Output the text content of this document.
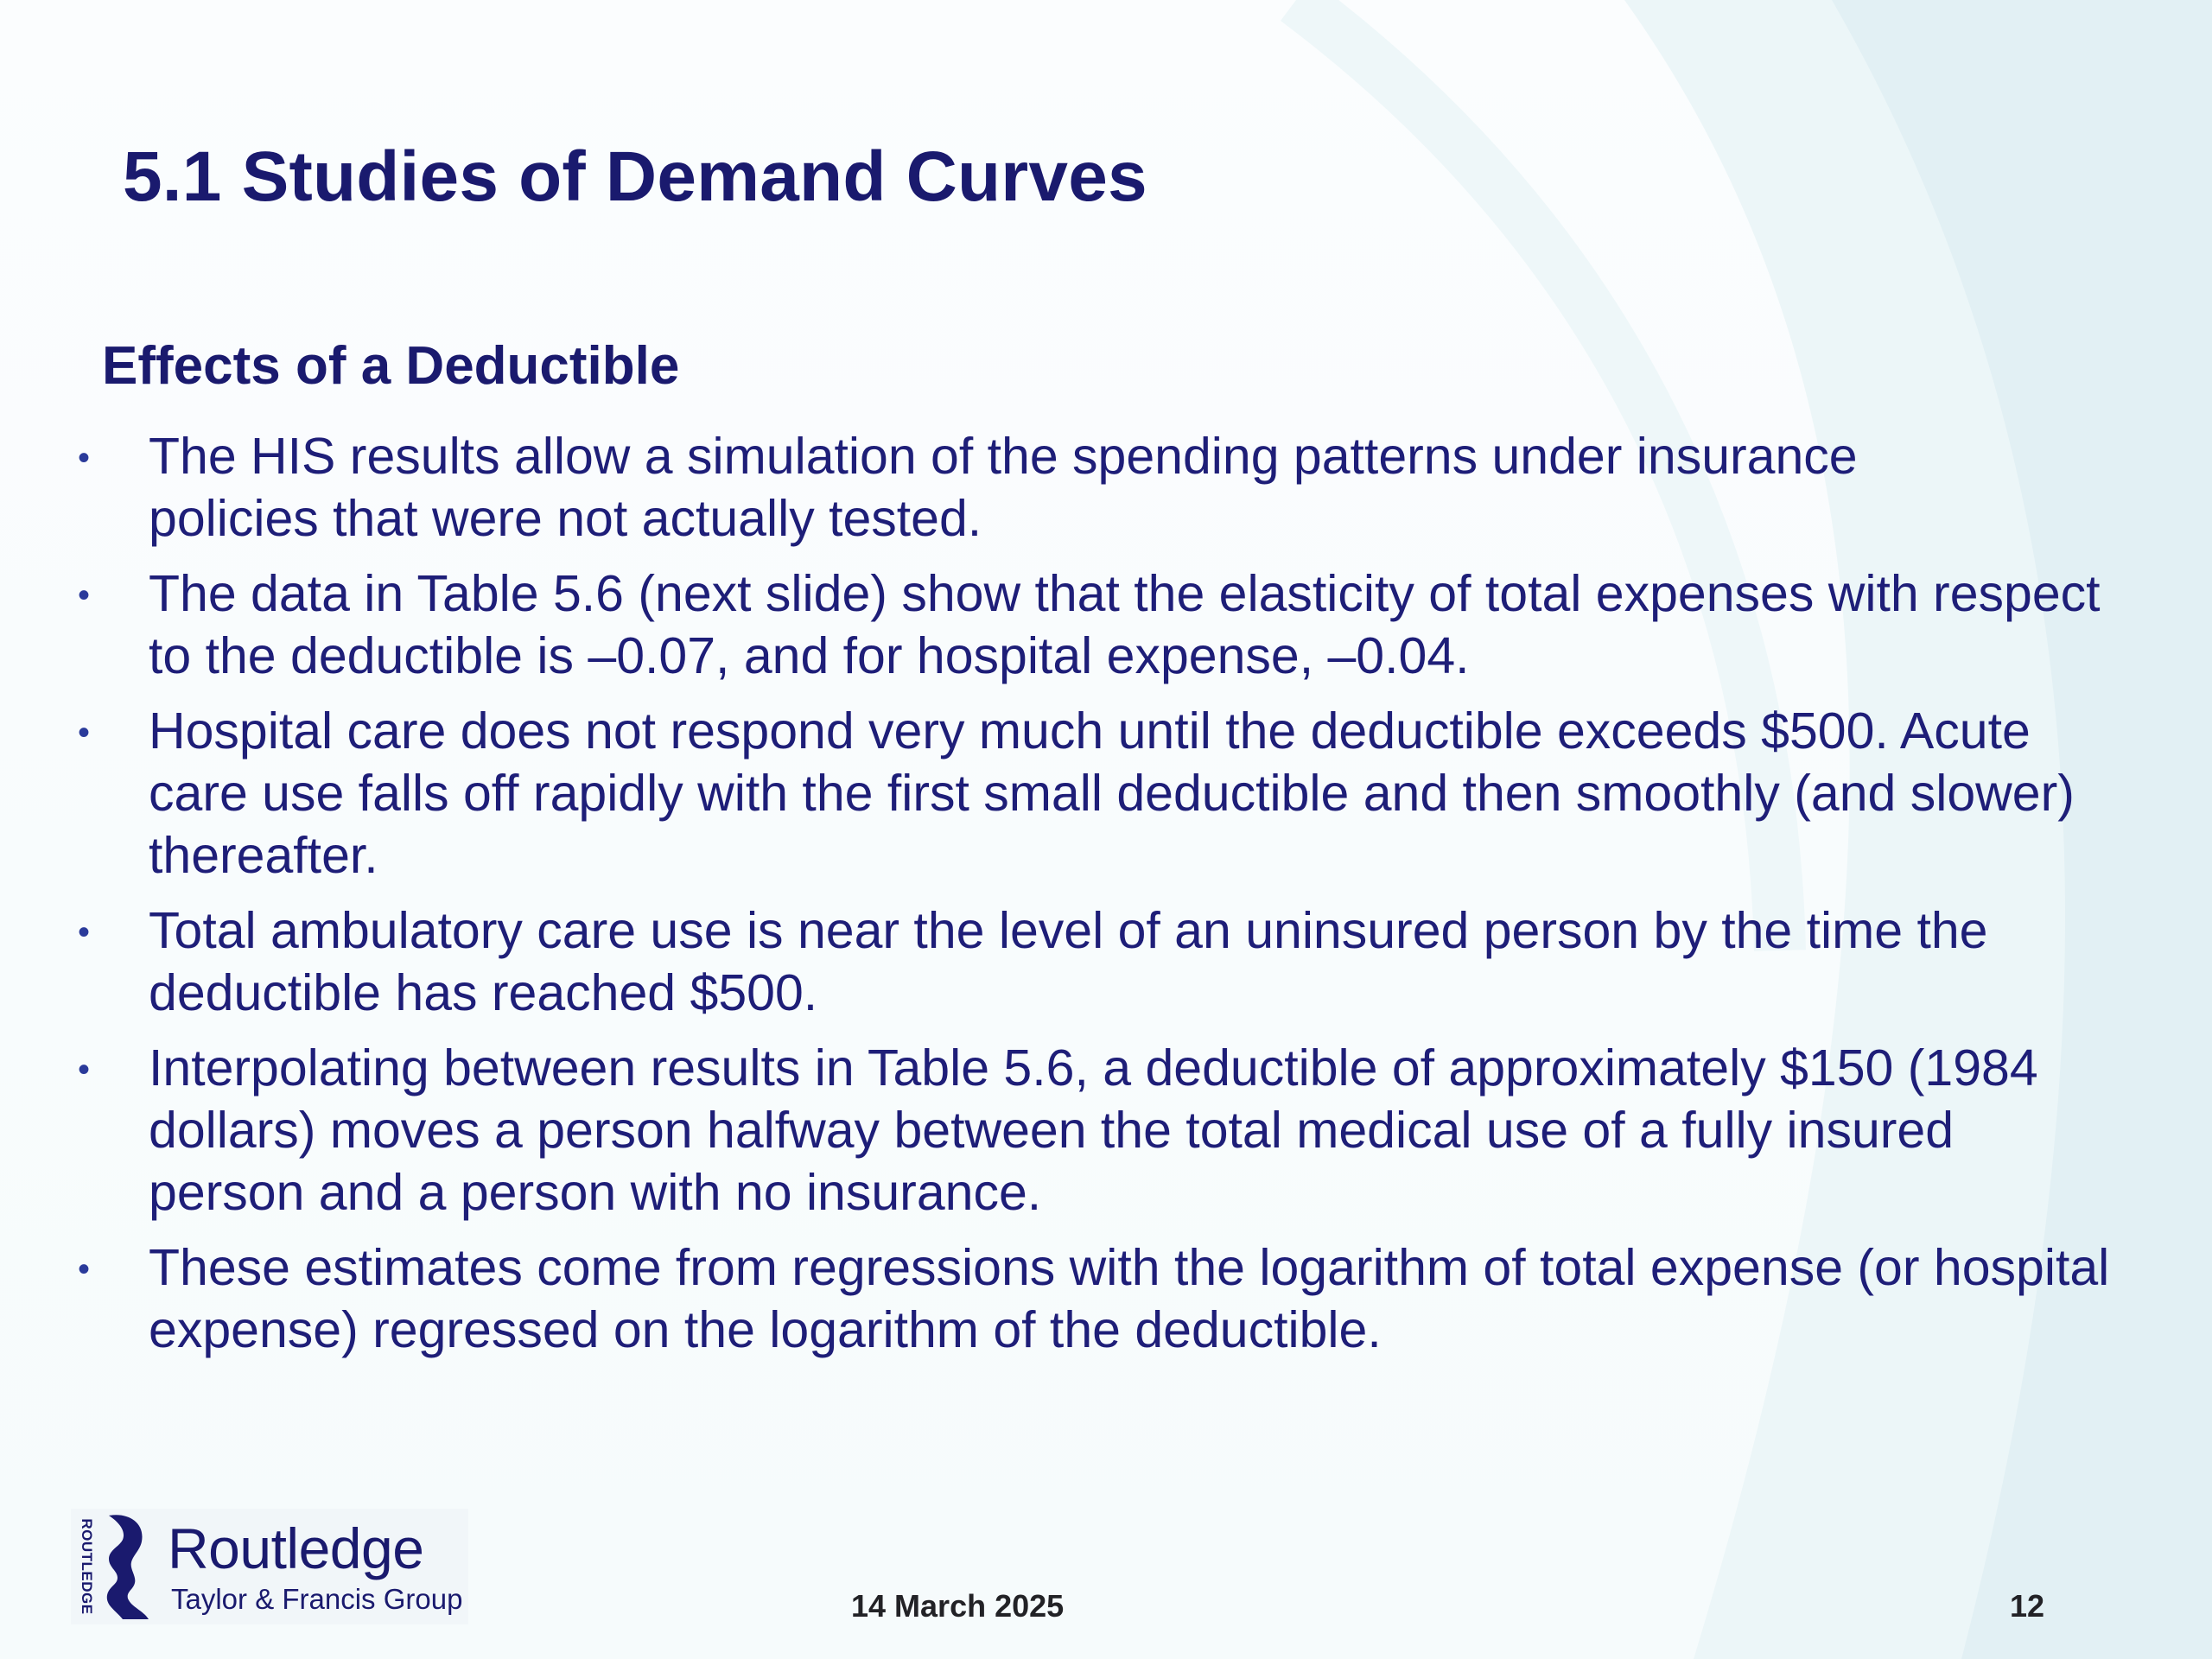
5.1 Studies of Demand Curves
Effects of a Deductible
• The HIS results allow a simulation of the spending patterns under insurance
policies that were not actually tested.
• The data in Table 5.6 (next slide) show that the elasticity of total expenses with respect
to the deductible is –0.07, and for hospital expense, –0.04.
• Hospital care does not respond very much until the deductible exceeds $500. Acute
care use falls off rapidly with the first small deductible and then smoothly (and slower)
thereafter.
• Total ambulatory care use is near the level of an uninsured person by the time the
deductible has reached $500.
• Interpolating between results in Table 5.6, a deductible of approximately $150 (1984
dollars) moves a person halfway between the total medical use of a fully insured
person and a person with no insurance.
• These estimates come from regressions with the logarithm of total expense (or hospital
expense) regressed on the logarithm of the deductible.
ROUTLEDGE Routledge
Taylor & Francis Group	14 March 2025	12
